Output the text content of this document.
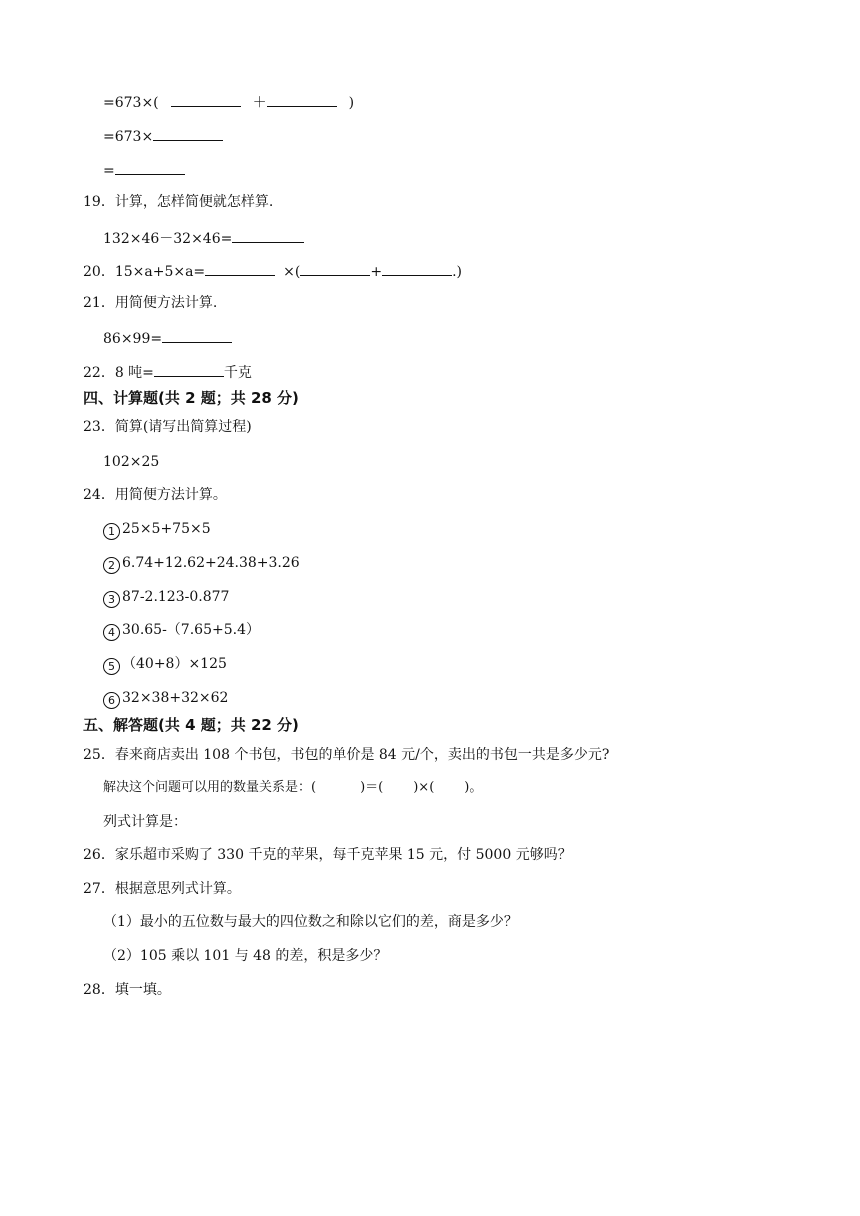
=673×(	＋	)
=673×
=
19．计算，怎样简便就怎样算.
132×46－32×46=
20．15×a+5×a=	×(	+	.)
21．用简便方法计算.
86×99=
22．8 吨=	千克
四、计算题(共 2 题；共 28 分)
23．简算(请写出简算过程)
102×25
24．用简便方法计算。
1 25×5+75×5
2 6.74+12.62+24.38+3.26
3 87-2.123-0.877
4 30.65-（7.65+5.4）
5 （40+8）×125
6 32×38+32×62
五、解答题(共 4 题；共 22 分)
25．春来商店卖出 108 个书包，书包的单价是 84 元/个，卖出的书包一共是多少元?
解决这个问题可以用的数量关系是：(	)＝( )×( )。
列式计算是：
26．家乐超市采购了 330 千克的苹果，每千克苹果 15 元，付 5000 元够吗？
27．根据意思列式计算。
（1）最小的五位数与最大的四位数之和除以它们的差，商是多少？
（2）105 乘以 101 与 48 的差，积是多少？
28．填一填。
